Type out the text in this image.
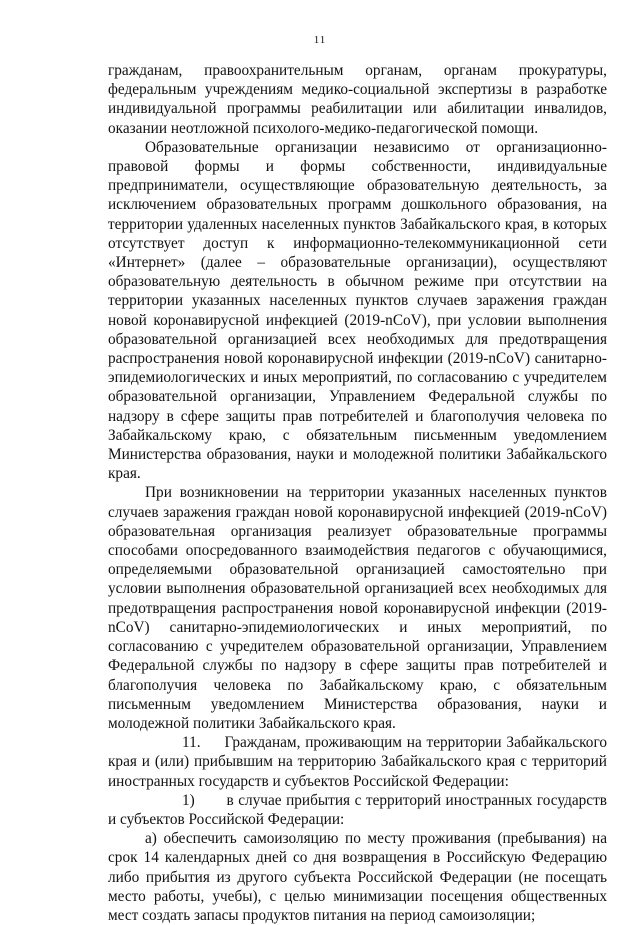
11

гражданам, правоохранительным органам, органам прокуратуры, федеральным учреждениям медико-социальной экспертизы в разработке индивидуальной программы реабилитации или абилитации инвалидов, оказании неотложной психолого-медико-педагогической помощи.

Образовательные организации независимо от организационно-правовой формы и формы собственности, индивидуальные предприниматели, осуществляющие образовательную деятельность, за исключением образовательных программ дошкольного образования, на территории удаленных населенных пунктов Забайкальского края, в которых отсутствует доступ к информационно-телекоммуникационной сети «Интернет» (далее – образовательные организации), осуществляют образовательную деятельность в обычном режиме при отсутствии на территории указанных населенных пунктов случаев заражения граждан новой коронавирусной инфекцией (2019-nCoV), при условии выполнения образовательной организацией всех необходимых для предотвращения распространения новой коронавирусной инфекции (2019-nCoV) санитарно-эпидемиологических и иных мероприятий, по согласованию с учредителем образовательной организации, Управлением Федеральной службы по надзору в сфере защиты прав потребителей и благополучия человека по Забайкальскому краю, с обязательным письменным уведомлением Министерства образования, науки и молодежной политики Забайкальского края.

При возникновении на территории указанных населенных пунктов случаев заражения граждан новой коронавирусной инфекцией (2019-nCoV) образовательная организация реализует образовательные программы способами опосредованного взаимодействия педагогов с обучающимися, определяемыми образовательной организацией самостоятельно при условии выполнения образовательной организацией всех необходимых для предотвращения распространения новой коронавирусной инфекции (2019-nCoV) санитарно-эпидемиологических и иных мероприятий, по согласованию с учредителем образовательной организации, Управлением Федеральной службы по надзору в сфере защиты прав потребителей и благополучия человека по Забайкальскому краю, с обязательным письменным уведомлением Министерства образования, науки и молодежной политики Забайкальского края.

11. Гражданам, проживающим на территории Забайкальского края и (или) прибывшим на территорию Забайкальского края с территорий иностранных государств и субъектов Российской Федерации:

1) в случае прибытия с территорий иностранных государств и субъектов Российской Федерации:

а) обеспечить самоизоляцию по месту проживания (пребывания) на срок 14 календарных дней со дня возвращения в Российскую Федерацию либо прибытия из другого субъекта Российской Федерации (не посещать место работы, учебы), с целью минимизации посещения общественных мест создать запасы продуктов питания на период самоизоляции;
